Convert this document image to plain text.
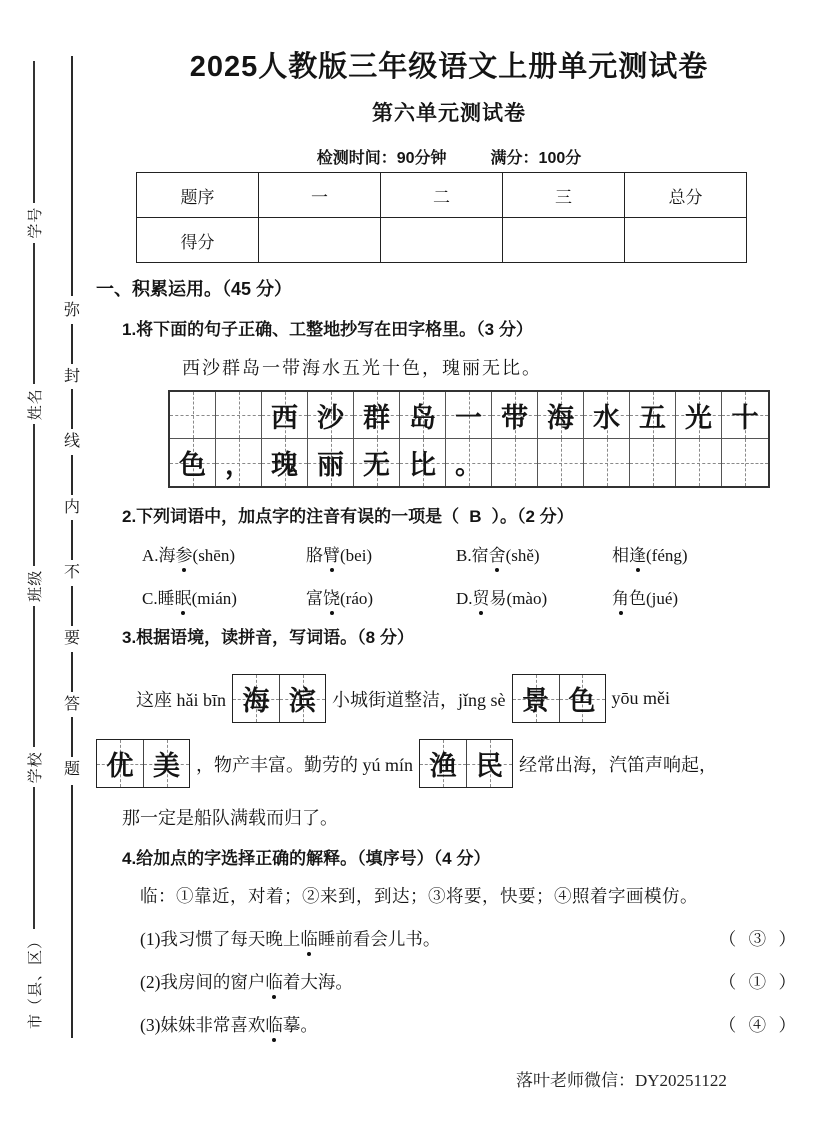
市（县、区）
学校
班级
姓名
学号
弥
封
线
内
不
要
答
题
2025人教版三年级语文上册单元测试卷
第六单元测试卷
检测时间：90分钟	满分：100分
题序	一	二	三	总分
得分				
一、积累运用。（45 分）
1.将下面的句子正确、工整地抄写在田字格里。（3 分）
西沙群岛一带海水五光十色，瑰丽无比。
西 沙 群 岛 一 带 海 水 五 光 十
色 ， 瑰 丽 无 比 。
2.下列词语中，加点字的注音有误的一项是（ B ）。（2 分）
A.海参(shēn)	胳臂(bei)	B.宿舍(shě)	相逢(féng)
C.睡眠(mián)	富饶(ráo)	D.贸易(mào)	角色(jué)
3.根据语境，读拼音，写词语。（8 分）
这座 hǎi bīn 海 滨 小城街道整洁，jǐng sè 景 色 yōu měi
优 美 ，物产丰富。勤劳的 yú mín 渔 民 经常出海，汽笛声响起，
那一定是船队满载而归了。
4.给加点的字选择正确的解释。（填序号）（4 分）
临：①靠近，对着；②来到，到达；③将要，快要；④照着字画模仿。
(1)我习惯了每天晚上临睡前看会儿书。	（ ③ ）
(2)我房间的窗户临着大海。	（ ① ）
(3)妹妹非常喜欢临摹。	（ ④ ）
落叶老师微信：DY20251122
